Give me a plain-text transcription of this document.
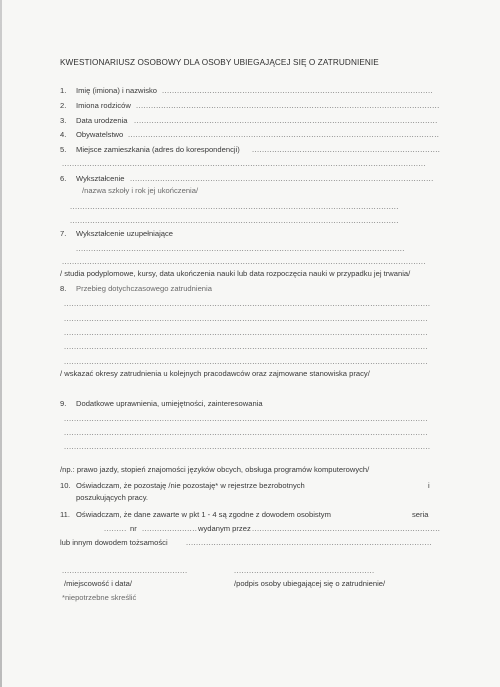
KWESTIONARIUSZ OSOBOWY DLA OSOBY UBIEGAJĄCEJ SIĘ O ZATRUDNIENIE
1. Imię (imiona) i nazwisko ............................................................................................................
2. Imiona rodziców .........................................................................................................................
3. Data urodzenia .........................................................................................................................
4. Obywatelstwo ............................................................................................................................
5. Miejsce zamieszkania (adres do korespondencji) ...........................................................................
.................................................................................................................................................
6. Wykształcenie .........................................................................................................................
/nazwa szkoły i rok jej ukończenia/
...................................................................................................................................
...................................................................................................................................
7. Wykształcenie uzupełniające
...................................................................................................................................
.................................................................................................................................................
/ studia podyplomowe, kursy, data ukończenia nauki lub data rozpoczęcia nauki w przypadku jej trwania/
8. Przebieg dotychczasowego zatrudnienia
..................................................................................................................................................
.................................................................................................................................................
.................................................................................................................................................
.................................................................................................................................................
.................................................................................................................................................
/ wskazać okresy zatrudnienia u kolejnych pracodawców oraz zajmowane stanowiska pracy/
9. Dodatkowe uprawnienia, umiejętności, zainteresowania
.................................................................................................................................................
.................................................................................................................................................
..................................................................................................................................................
/np.: prawo jazdy, stopień znajomości języków obcych, obsługa programów komputerowych/
10. Oświadczam, że pozostaję /nie pozostaję* w rejestrze bezrobotnych	i
poszukujących pracy.
11. Oświadczam, że dane zawarte w pkt 1 - 4 są zgodne z dowodem osobistym	seria
......... nr ...................... wydanym przez ...........................................................................
lub innym dowodem tożsamości ..................................................................................................
..................................................	........................................................
/miejscowość i data/	/podpis osoby ubiegającej się o zatrudnienie/
*niepotrzebne skreślić
